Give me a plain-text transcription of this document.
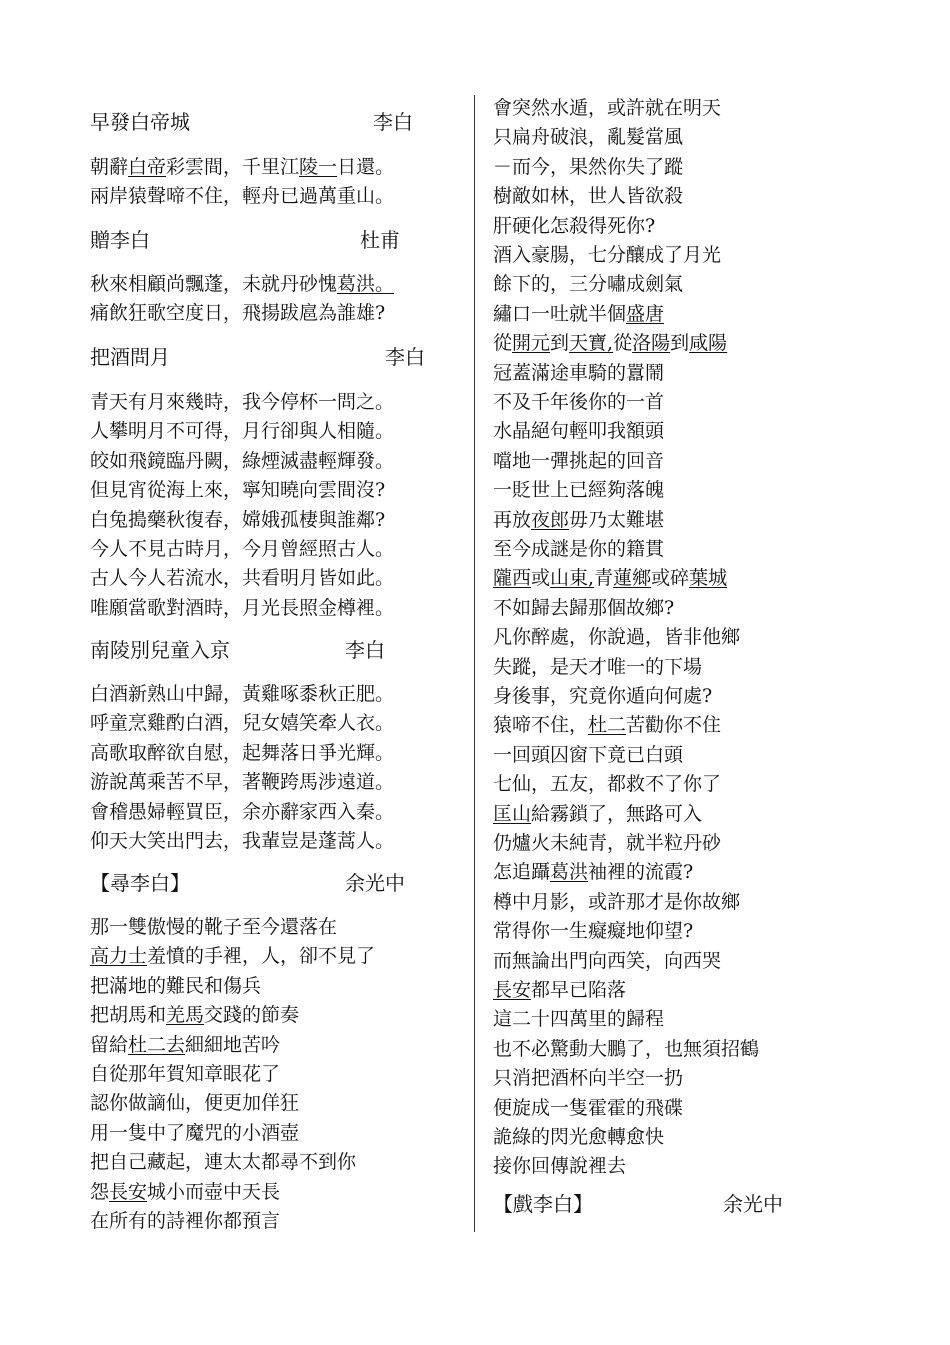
早發白帝城	李白
朝辭白帝彩雲間，千里江陵一日還。
兩岸猿聲啼不住，輕舟已過萬重山。
贈李白	杜甫
秋來相顧尚飄蓬，未就丹砂愧葛洪。
痛飲狂歌空度日，飛揚跋扈為誰雄?
把酒問月	李白
青天有月來幾時，我今停杯一問之。
人攀明月不可得，月行卻與人相隨。
皎如飛鏡臨丹闕，綠煙滅盡輕輝發。
但見宵從海上來，寧知曉向雲間沒?
白兔搗藥秋復春，嫦娥孤棲與誰鄰?
今人不見古時月，今月曾經照古人。
古人今人若流水，共看明月皆如此。
唯願當歌對酒時，月光長照金樽裡。
南陵別兒童入京	李白
白酒新熟山中歸，黃雞啄黍秋正肥。
呼童烹雞酌白酒，兒女嬉笑牽人衣。
高歌取醉欲自慰，起舞落日爭光輝。
游說萬乘苦不早，著鞭跨馬涉遠道。
會稽愚婦輕買臣，余亦辭家西入秦。
仰天大笑出門去，我輩豈是蓬蒿人。
【尋李白】	余光中
那一雙傲慢的靴子至今還落在
高力士羞憤的手裡，人，卻不見了
把滿地的難民和傷兵
把胡馬和羌馬交踐的節奏
留給杜二去細細地苦吟
自從那年賀知章眼花了
認你做謫仙，便更加佯狂
用一隻中了魔咒的小酒壺
把自己藏起，連太太都尋不到你
怨長安城小而壺中天長
在所有的詩裡你都預言
會突然水遁，或許就在明天
只扁舟破浪，亂髮當風
－而今，果然你失了蹤
樹敵如林，世人皆欲殺
肝硬化怎殺得死你?
酒入豪腸，七分釀成了月光
餘下的，三分嘯成劍氣
繡口一吐就半個盛唐
從開元到天寶,從洛陽到咸陽
冠蓋滿途車騎的囂鬧
不及千年後你的一首
水晶絕句輕叩我額頭
噹地一彈挑起的回音
一貶世上已經夠落魄
再放夜郎毋乃太難堪
至今成謎是你的籍貫
隴西或山東,青蓮鄉或碎葉城
不如歸去歸那個故鄉?
凡你醉處，你說過，皆非他鄉
失蹤，是天才唯一的下場
身後事，究竟你遁向何處?
猿啼不住，杜二苦勸你不住
一回頭囚窗下竟已白頭
七仙，五友，都救不了你了
匡山給霧鎖了，無路可入
仍爐火未純青，就半粒丹砂
怎追躡葛洪袖裡的流霞?
樽中月影，或許那才是你故鄉
常得你一生癡癡地仰望?
而無論出門向西笑，向西哭
長安都早已陷落
這二十四萬里的歸程
也不必驚動大鵬了，也無須招鶴
只消把酒杯向半空一扔
便旋成一隻霍霍的飛碟
詭綠的閃光愈轉愈快
接你回傳說裡去
【戲李白】	余光中
